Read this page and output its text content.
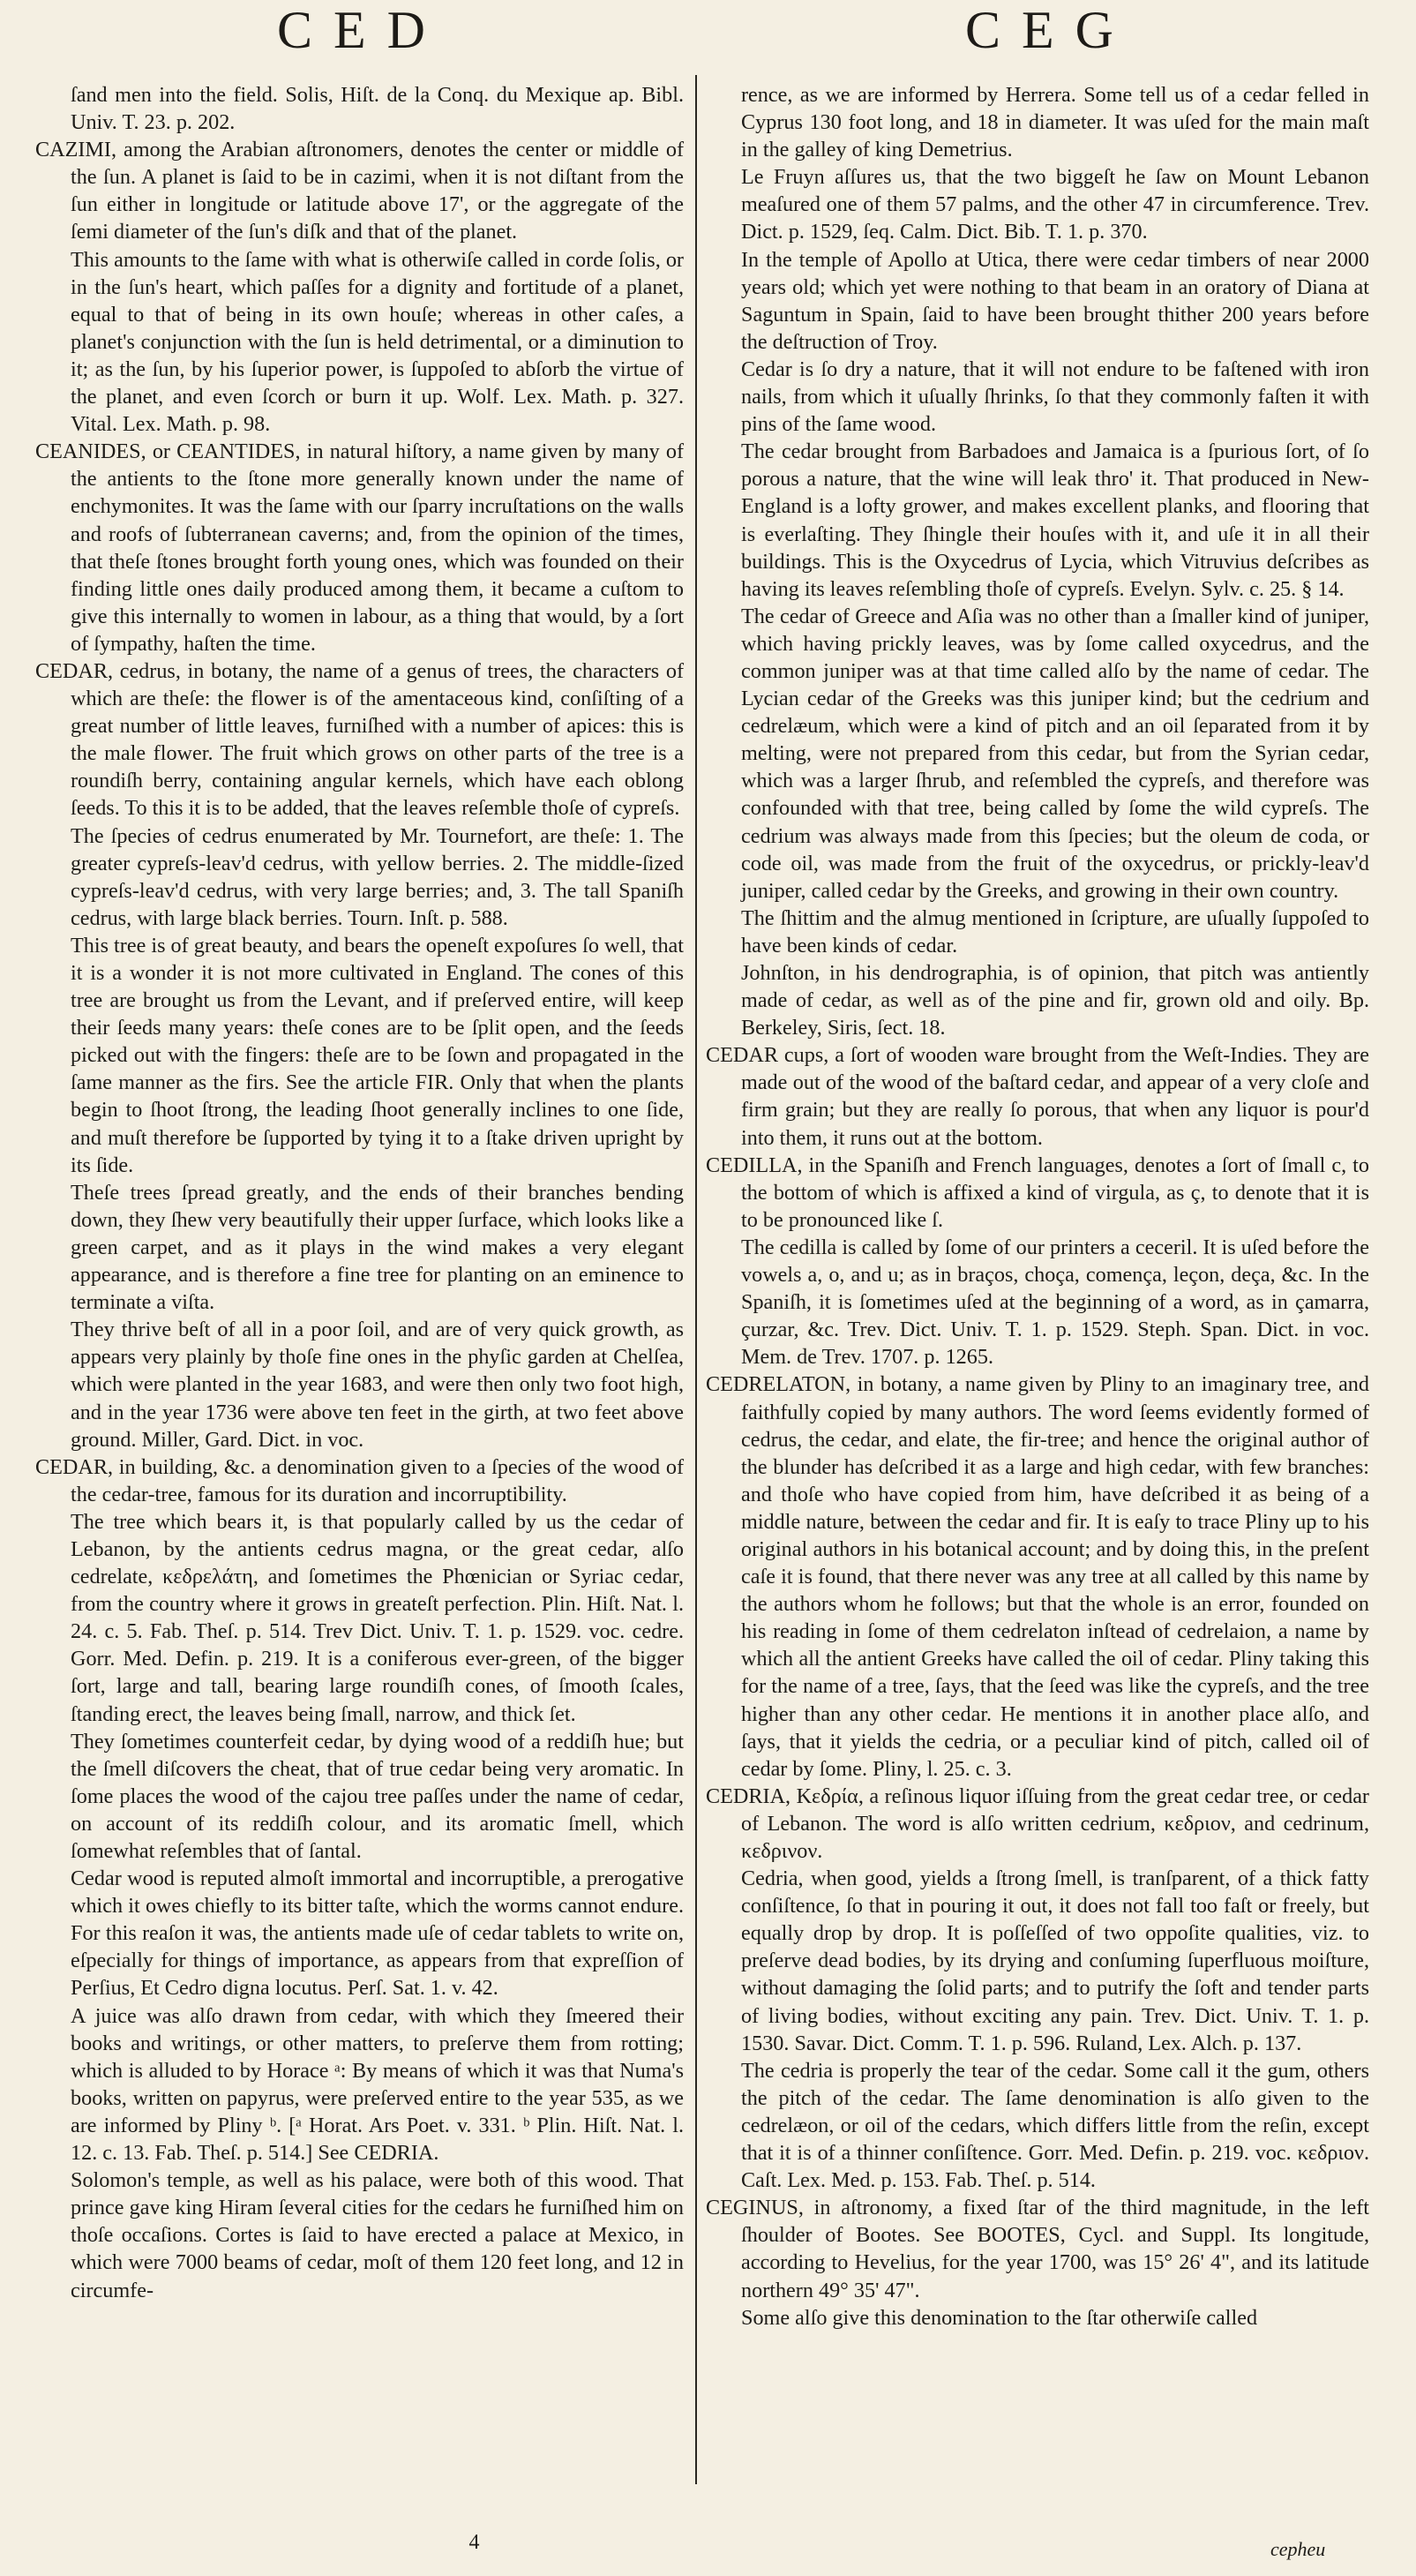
CED	CEG

ſand men into the field. Solis, Hiſt. de la Conq. du Mexique ap. Bibl. Univ. T. 23. p. 202.

CAZIMI, among the Arabian aſtronomers, denotes the center or middle of the ſun. A planet is ſaid to be in cazimi, when it is not diſtant from the ſun either in longitude or latitude above 17', or the aggregate of the ſemi diameter of the ſun's diſk and that of the planet.

This amounts to the ſame with what is otherwiſe called in corde ſolis, or in the ſun's heart, which paſſes for a dignity and fortitude of a planet, equal to that of being in its own houſe; whereas in other caſes, a planet's conjunction with the ſun is held detrimental, or a diminution to it; as the ſun, by his ſuperior power, is ſuppoſed to abſorb the virtue of the planet, and even ſcorch or burn it up. Wolf. Lex. Math. p. 327. Vital. Lex. Math. p. 98.

CEANIDES, or CEANTIDES, in natural hiſtory, a name given by many of the antients to the ſtone more generally known under the name of enchymonites. It was the ſame with our ſparry incruſtations on the walls and roofs of ſubterranean caverns; and, from the opinion of the times, that theſe ſtones brought forth young ones, which was founded on their finding little ones daily produced among them, it became a cuſtom to give this internally to women in labour, as a thing that would, by a ſort of ſympathy, haſten the time.

CEDAR, cedrus, in botany, the name of a genus of trees, the characters of which are theſe: the flower is of the amentaceous kind, conſiſting of a great number of little leaves, furniſhed with a number of apices: this is the male flower. The fruit which grows on other parts of the tree is a roundiſh berry, containing angular kernels, which have each oblong ſeeds. To this it is to be added, that the leaves reſemble thoſe of cypreſs.

The ſpecies of cedrus enumerated by Mr. Tournefort, are theſe: 1. The greater cypreſs-leav'd cedrus, with yellow berries. 2. The middle-ſized cypreſs-leav'd cedrus, with very large berries; and, 3. The tall Spaniſh cedrus, with large black berries. Tourn. Inſt. p. 588.

This tree is of great beauty, and bears the openeſt expoſures ſo well, that it is a wonder it is not more cultivated in England. The cones of this tree are brought us from the Levant, and if preſerved entire, will keep their ſeeds many years: theſe cones are to be ſplit open, and the ſeeds picked out with the fingers: theſe are to be ſown and propagated in the ſame manner as the firs. See the article FIR. Only that when the plants begin to ſhoot ſtrong, the leading ſhoot generally inclines to one ſide, and muſt therefore be ſupported by tying it to a ſtake driven upright by its ſide.

Theſe trees ſpread greatly, and the ends of their branches bending down, they ſhew very beautifully their upper ſurface, which looks like a green carpet, and as it plays in the wind makes a very elegant appearance, and is therefore a fine tree for planting on an eminence to terminate a viſta.

They thrive beſt of all in a poor ſoil, and are of very quick growth, as appears very plainly by thoſe fine ones in the phyſic garden at Chelſea, which were planted in the year 1683, and were then only two foot high, and in the year 1736 were above ten feet in the girth, at two feet above ground. Miller, Gard. Dict. in voc.

CEDAR, in building, &c. a denomination given to a ſpecies of the wood of the cedar-tree, famous for its duration and incorruptibility.

The tree which bears it, is that popularly called by us the cedar of Lebanon, by the antients cedrus magna, or the great cedar, alſo cedrelate, κεδρελάτη, and ſometimes the Phœnician or Syriac cedar, from the country where it grows in greateſt perfection. Plin. Hiſt. Nat. l. 24. c. 5. Fab. Theſ. p. 514. Trev Dict. Univ. T. 1. p. 1529. voc. cedre. Gorr. Med. Defin. p. 219. It is a coniferous ever-green, of the bigger ſort, large and tall, bearing large roundiſh cones, of ſmooth ſcales, ſtanding erect, the leaves being ſmall, narrow, and thick ſet.

They ſometimes counterfeit cedar, by dying wood of a reddiſh hue; but the ſmell diſcovers the cheat, that of true cedar being very aromatic. In ſome places the wood of the cajou tree paſſes under the name of cedar, on account of its reddiſh colour, and its aromatic ſmell, which ſomewhat reſembles that of ſantal.

Cedar wood is reputed almoſt immortal and incorruptible, a prerogative which it owes chiefly to its bitter taſte, which the worms cannot endure. For this reaſon it was, the antients made uſe of cedar tablets to write on, eſpecially for things of importance, as appears from that expreſſion of Perſius, Et Cedro digna locutus. Perſ. Sat. 1. v. 42.

A juice was alſo drawn from cedar, with which they ſmeered their books and writings, or other matters, to preſerve them from rotting; which is alluded to by Horace ᵃ: By means of which it was that Numa's books, written on papyrus, were preſerved entire to the year 535, as we are informed by Pliny ᵇ. [ᵃ Horat. Ars Poet. v. 331. ᵇ Plin. Hiſt. Nat. l. 12. c. 13. Fab. Theſ. p. 514.] See CEDRIA.

Solomon's temple, as well as his palace, were both of this wood. That prince gave king Hiram ſeveral cities for the cedars he furniſhed him on thoſe occaſions. Cortes is ſaid to have erected a palace at Mexico, in which were 7000 beams of cedar, moſt of them 120 feet long, and 12 in circumfe-

rence, as we are informed by Herrera. Some tell us of a cedar felled in Cyprus 130 foot long, and 18 in diameter. It was uſed for the main maſt in the galley of king Demetrius.

Le Fruyn aſſures us, that the two biggeſt he ſaw on Mount Lebanon meaſured one of them 57 palms, and the other 47 in circumference. Trev. Dict. p. 1529, ſeq. Calm. Dict. Bib. T. 1. p. 370.

In the temple of Apollo at Utica, there were cedar timbers of near 2000 years old; which yet were nothing to that beam in an oratory of Diana at Saguntum in Spain, ſaid to have been brought thither 200 years before the deſtruction of Troy.

Cedar is ſo dry a nature, that it will not endure to be faſtened with iron nails, from which it uſually ſhrinks, ſo that they commonly faſten it with pins of the ſame wood.

The cedar brought from Barbadoes and Jamaica is a ſpurious ſort, of ſo porous a nature, that the wine will leak thro' it. That produced in New-England is a lofty grower, and makes excellent planks, and flooring that is everlaſting. They ſhingle their houſes with it, and uſe it in all their buildings. This is the Oxycedrus of Lycia, which Vitruvius deſcribes as having its leaves reſembling thoſe of cypreſs. Evelyn. Sylv. c. 25. § 14.

The cedar of Greece and Aſia was no other than a ſmaller kind of juniper, which having prickly leaves, was by ſome called oxycedrus, and the common juniper was at that time called alſo by the name of cedar. The Lycian cedar of the Greeks was this juniper kind; but the cedrium and cedrelæum, which were a kind of pitch and an oil ſeparated from it by melting, were not prepared from this cedar, but from the Syrian cedar, which was a larger ſhrub, and reſembled the cypreſs, and therefore was confounded with that tree, being called by ſome the wild cypreſs. The cedrium was always made from this ſpecies; but the oleum de coda, or code oil, was made from the fruit of the oxycedrus, or prickly-leav'd juniper, called cedar by the Greeks, and growing in their own country.

The ſhittim and the almug mentioned in ſcripture, are uſually ſuppoſed to have been kinds of cedar.

Johnſton, in his dendrographia, is of opinion, that pitch was antiently made of cedar, as well as of the pine and fir, grown old and oily. Bp. Berkeley, Siris, ſect. 18.

CEDAR cups, a ſort of wooden ware brought from the Weſt-Indies. They are made out of the wood of the baſtard cedar, and appear of a very cloſe and firm grain; but they are really ſo porous, that when any liquor is pour'd into them, it runs out at the bottom.

CEDILLA, in the Spaniſh and French languages, denotes a ſort of ſmall c, to the bottom of which is affixed a kind of virgula, as ç, to denote that it is to be pronounced like ſ.

The cedilla is called by ſome of our printers a ceceril. It is uſed before the vowels a, o, and u; as in braços, choça, començа, leçon, deça, &c. In the Spaniſh, it is ſometimes uſed at the beginning of a word, as in çamarra, çurzar, &c. Trev. Dict. Univ. T. 1. p. 1529. Steph. Span. Dict. in voc. Mem. de Trev. 1707. p. 1265.

CEDRELATON, in botany, a name given by Pliny to an imaginary tree, and faithfully copied by many authors. The word ſeems evidently formed of cedrus, the cedar, and elate, the fir-tree; and hence the original author of the blunder has deſcribed it as a large and high cedar, with few branches: and thoſe who have copied from him, have deſcribed it as being of a middle nature, between the cedar and fir. It is eaſy to trace Pliny up to his original authors in his botanical account; and by doing this, in the preſent caſe it is found, that there never was any tree at all called by this name by the authors whom he follows; but that the whole is an error, founded on his reading in ſome of them cedrelaton inſtead of cedrelaion, a name by which all the antient Greeks have called the oil of cedar. Pliny taking this for the name of a tree, ſays, that the ſeed was like the cypreſs, and the tree higher than any other cedar. He mentions it in another place alſo, and ſays, that it yields the cedria, or a peculiar kind of pitch, called oil of cedar by ſome. Pliny, l. 25. c. 3.

CEDRIA, Κεδρία, a reſinous liquor iſſuing from the great cedar tree, or cedar of Lebanon. The word is alſo written cedrium, κεδριον, and cedrinum, κεδρινον.

Cedria, when good, yields a ſtrong ſmell, is tranſparent, of a thick fatty conſiſtence, ſo that in pouring it out, it does not fall too faſt or freely, but equally drop by drop. It is poſſeſſed of two oppoſite qualities, viz. to preſerve dead bodies, by its drying and conſuming ſuperfluous moiſture, without damaging the ſolid parts; and to putrify the ſoft and tender parts of living bodies, without exciting any pain. Trev. Dict. Univ. T. 1. p. 1530. Savar. Dict. Comm. T. 1. p. 596. Ruland, Lex. Alch. p. 137.

The cedria is properly the tear of the cedar. Some call it the gum, others the pitch of the cedar. The ſame denomination is alſo given to the cedrelæon, or oil of the cedars, which differs little from the reſin, except that it is of a thinner conſiſtence. Gorr. Med. Defin. p. 219. voc. κεδριον. Caſt. Lex. Med. p. 153. Fab. Theſ. p. 514.

CEGINUS, in aſtronomy, a fixed ſtar of the third magnitude, in the left ſhoulder of Bootes. See BOOTES, Cycl. and Suppl. Its longitude, according to Hevelius, for the year 1700, was 15° 26' 4", and its latitude northern 49° 35' 47".

Some alſo give this denomination to the ſtar otherwiſe called

4	cepheu
